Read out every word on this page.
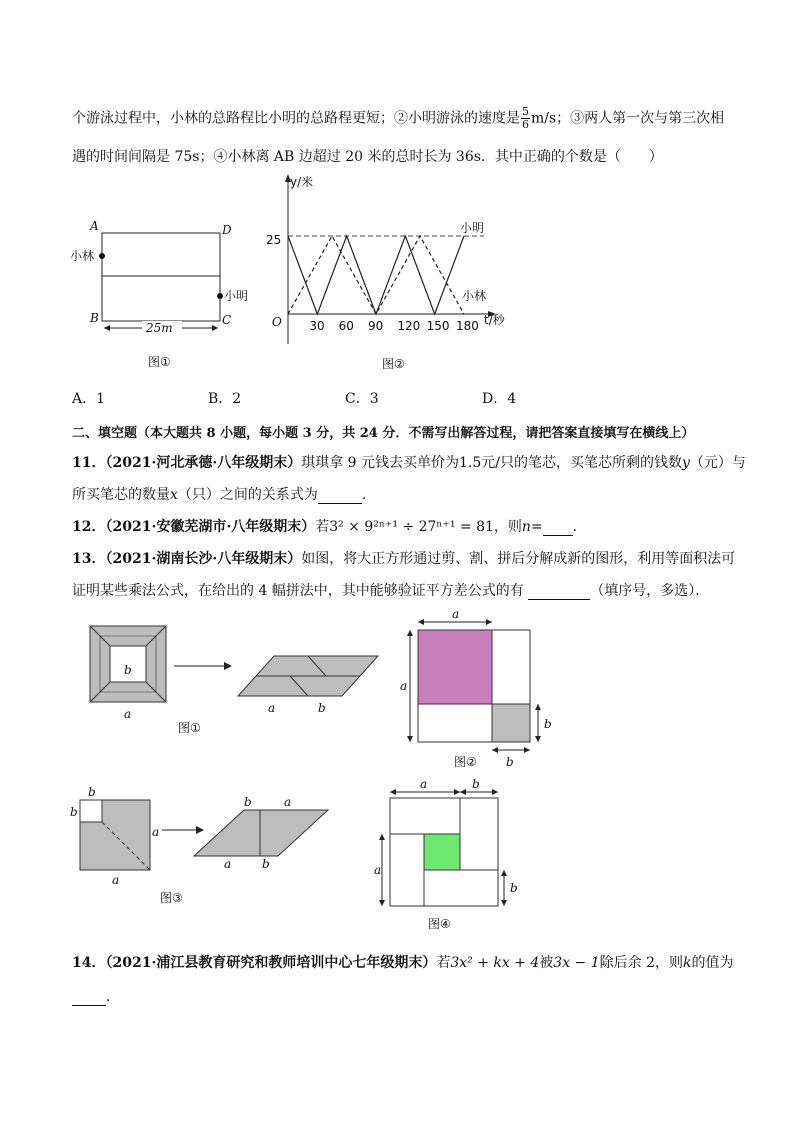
个游泳过程中，小林的总路程比小明的总路程更短；②小明游泳的速度是 $\frac{5}{6} m/s$；③两人第一次与第三次相
遇的时间间隔是 75s；④小林离 AB 边超过 20 米的总时长为 36s．其中正确的个数是（　　）
A	D
B	C
小林
小明
25m
图①
y/米
t/秒
O
25
30 60 90 120 150 180
小明
小林
图②
A．1	B．2	C．3	D．4
二、填空题（本大题共 8 小题，每小题 3 分，共 24 分．不需写出解答过程，请把答案直接填写在横线上）
11．（2021·河北承德·八年级期末）琪琪拿 9 元钱去买单价为1.5元/只的笔芯，买笔芯所剩的钱数y（元）与
所买笔芯的数量x（只）之间的关系式为	．
12．（2021·安徽芜湖市·八年级期末）若3² × 9²ⁿ⁺¹ ÷ 27ⁿ⁺¹ = 81，则n= ．
13．（2021·湖南长沙·八年级期末）如图，将大正方形通过剪、割、拼后分解成新的图形，利用等面积法可
证明某些乘法公式，在给出的 4 幅拼法中，其中能够验证平方差公式的有	（填序号，多选）．
b
a	a	b
图①
a
a
b
b
图②
b
b
a
a
b	a
a	b
图③
a	b
a
b
图④
14．（2021·浦江县教育研究和教师培训中心七年级期末）若3x² + kx + 4被3x − 1除后余 2，则k的值为
．
